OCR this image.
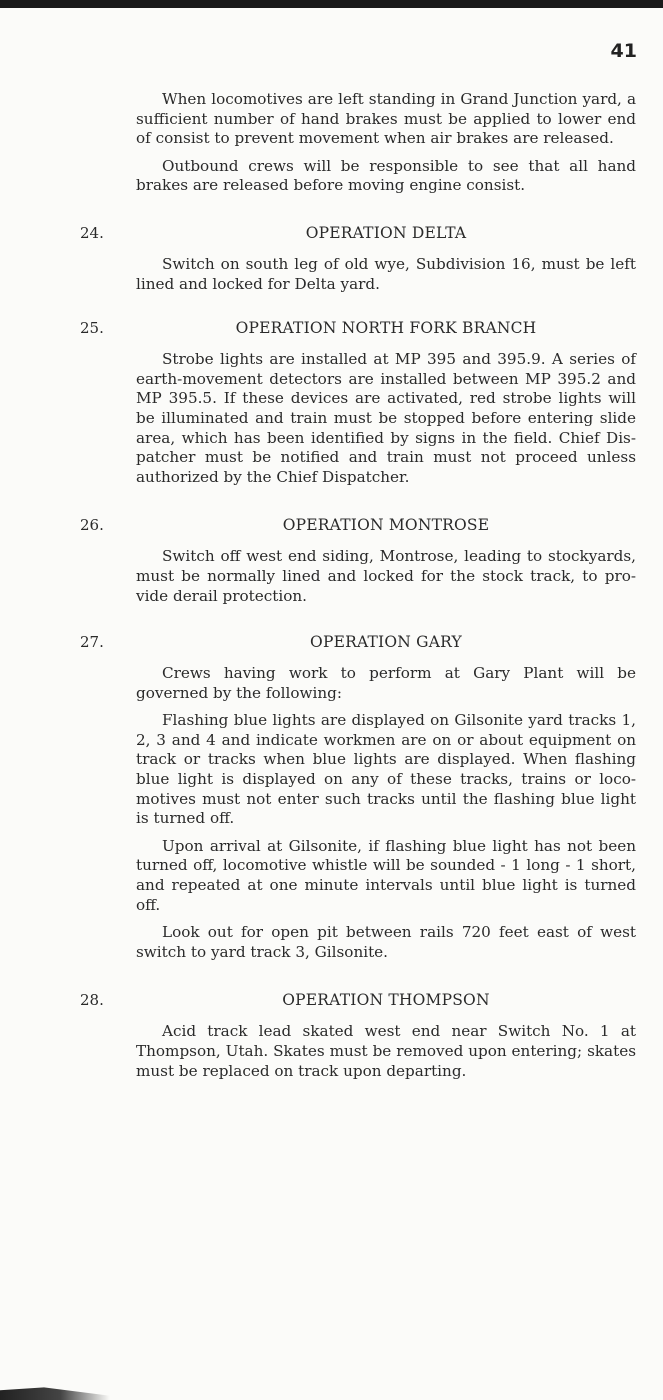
41

When locomotives are left standing in Grand Junction yard, a sufficient number of hand brakes must be applied to lower end of consist to prevent movement when air brakes are released.

Outbound crews will be responsible to see that all hand brakes are released before moving engine consist.

24.	OPERATION DELTA

Switch on south leg of old wye, Subdivision 16, must be left lined and locked for Delta yard.

25.	OPERATION NORTH FORK BRANCH

Strobe lights are installed at MP 395 and 395.9. A series of earth-movement detectors are installed between MP 395.2 and MP 395.5. If these devices are activated, red strobe lights will be illuminated and train must be stopped before entering slide area, which has been identified by signs in the field. Chief Dispatcher must be notified and train must not proceed unless authorized by the Chief Dispatcher.

26.	OPERATION MONTROSE

Switch off west end siding, Montrose, leading to stockyards, must be normally lined and locked for the stock track, to provide derail protection.

27.	OPERATION GARY

Crews having work to perform at Gary Plant will be governed by the following:

Flashing blue lights are displayed on Gilsonite yard tracks 1, 2, 3 and 4 and indicate workmen are on or about equipment on track or tracks when blue lights are displayed. When flashing blue light is displayed on any of these tracks, trains or locomotives must not enter such tracks until the flashing blue light is turned off.

Upon arrival at Gilsonite, if flashing blue light has not been turned off, locomotive whistle will be sounded - 1 long - 1 short, and repeated at one minute intervals until blue light is turned off.

Look out for open pit between rails 720 feet east of west switch to yard track 3, Gilsonite.

28.	OPERATION THOMPSON

Acid track lead skated west end near Switch No. 1 at Thompson, Utah. Skates must be removed upon entering; skates must be replaced on track upon departing.
